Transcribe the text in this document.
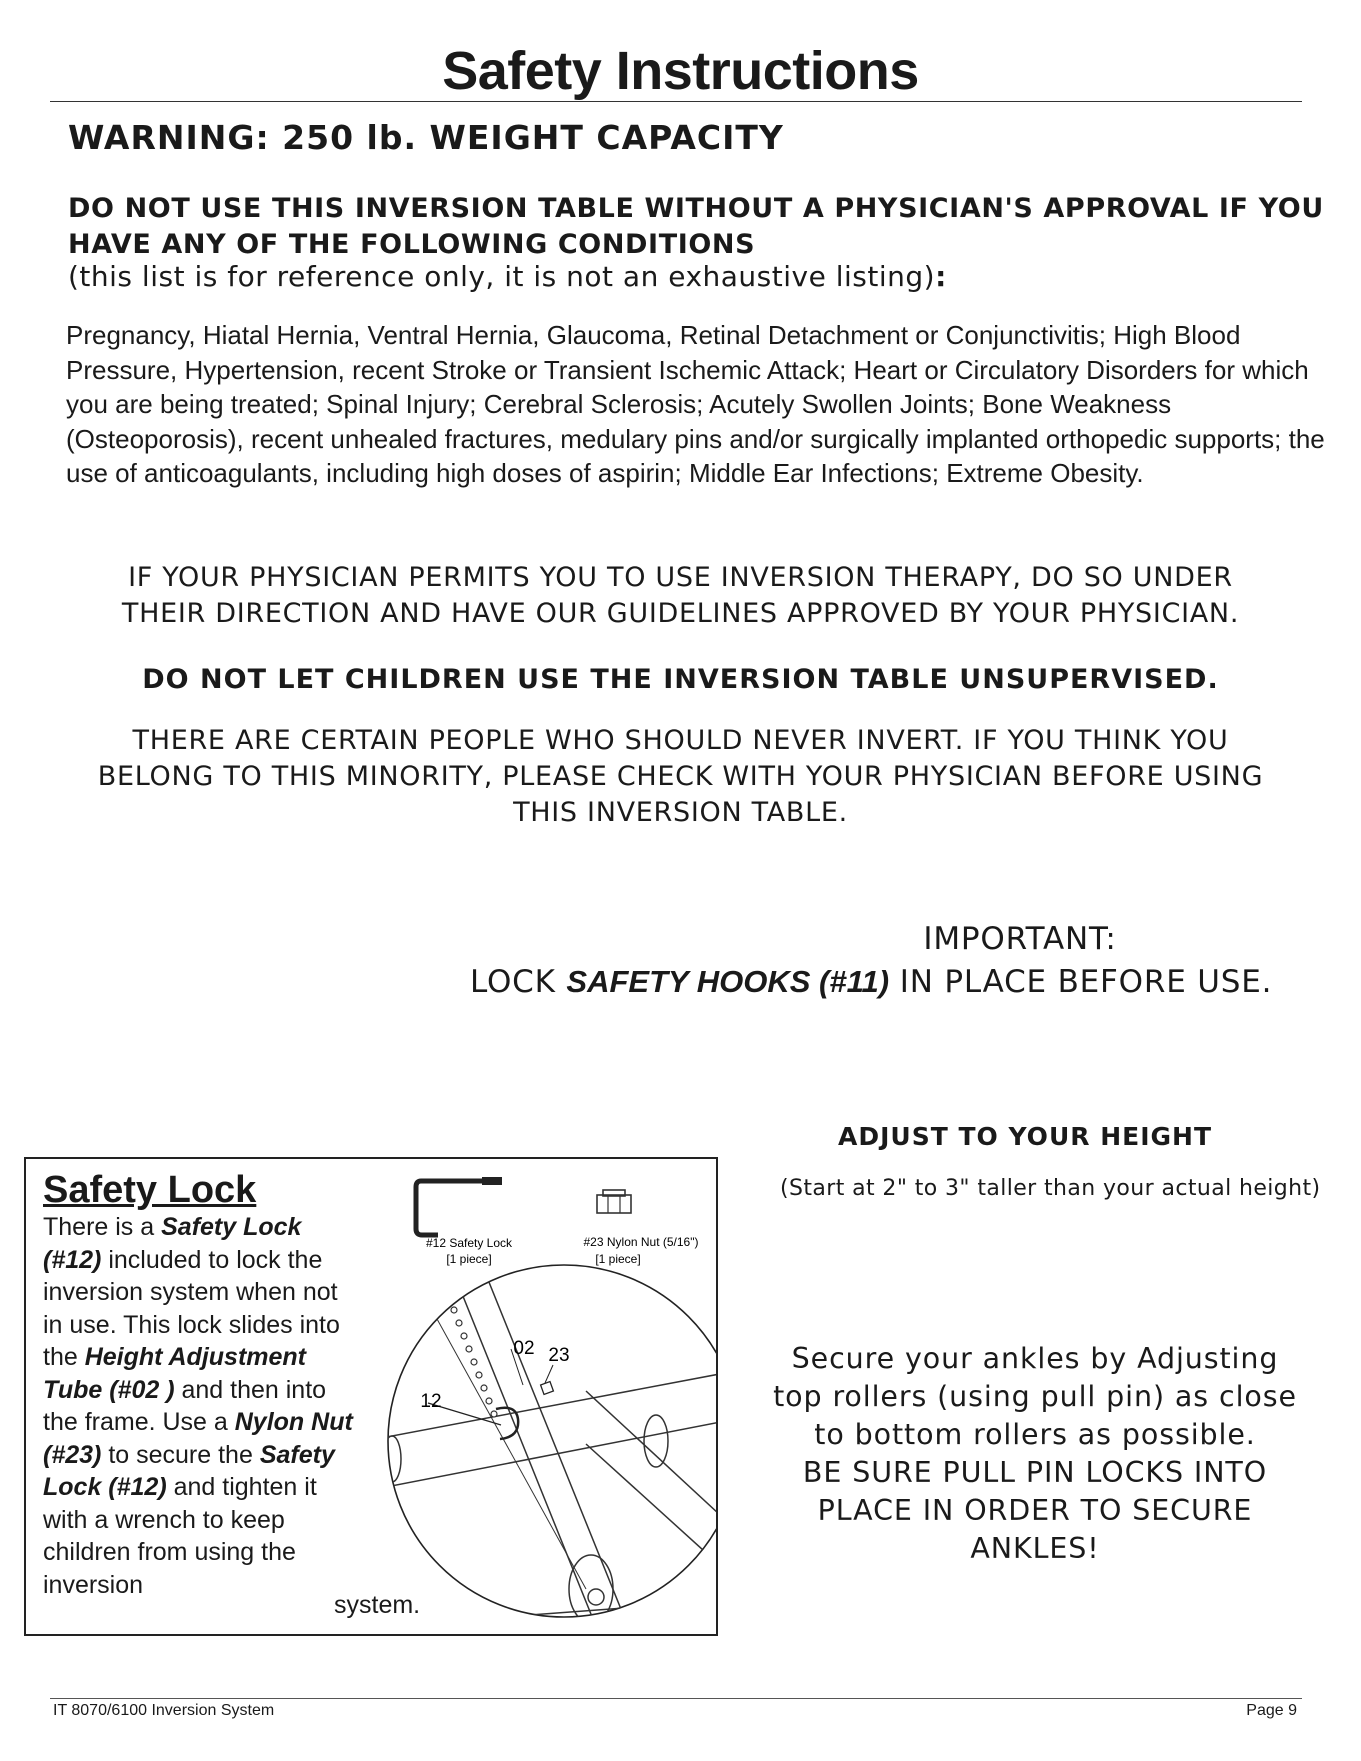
Safety Instructions
WARNING: 250 lb. WEIGHT CAPACITY
DO NOT USE THIS INVERSION TABLE WITHOUT A PHYSICIAN'S APPROVAL IF YOU HAVE ANY OF THE FOLLOWING CONDITIONS
(this list is for reference only, it is not an exhaustive listing):
Pregnancy, Hiatal Hernia, Ventral Hernia, Glaucoma, Retinal Detachment or Conjunctivitis; High Blood Pressure, Hypertension, recent Stroke or Transient Ischemic Attack; Heart or Circulatory Disorders for which you are being treated; Spinal Injury; Cerebral Sclerosis; Acutely Swollen Joints; Bone Weakness (Osteoporosis), recent unhealed fractures, medulary pins and/or surgically implanted orthopedic supports; the use of anticoagulants, including high doses of aspirin; Middle Ear Infections; Extreme Obesity.
IF YOUR PHYSICIAN PERMITS YOU TO USE INVERSION THERAPY, DO SO UNDER
THEIR DIRECTION AND HAVE OUR GUIDELINES APPROVED BY YOUR PHYSICIAN.
DO NOT LET CHILDREN USE THE INVERSION TABLE UNSUPERVISED.
THERE ARE CERTAIN PEOPLE WHO SHOULD NEVER INVERT. IF YOU THINK YOU
BELONG TO THIS MINORITY, PLEASE CHECK WITH YOUR PHYSICIAN BEFORE USING
THIS INVERSION TABLE.
IMPORTANT:
LOCK SAFETY HOOKS (#11) IN PLACE BEFORE USE.
#12 Safety Lock
[1 piece]
#23 Nylon Nut (5/16")
[1 piece]
02 23
12
Safety Lock
There is a Safety Lock (#12) included to lock the inversion system when not in use. This lock slides into the Height Adjustment Tube (#02 ) and then into the frame. Use a Nylon Nut (#23) to secure the Safety Lock (#12) and tighten it with a wrench to keep children from using the inversion
system.
ADJUST TO YOUR HEIGHT
(Start at 2" to 3" taller than your actual height)
Secure your ankles by Adjusting
top rollers (using pull pin) as close
to bottom rollers as possible.
BE SURE PULL PIN LOCKS INTO
PLACE IN ORDER TO SECURE
ANKLES!
IT 8070/6100 Inversion System	Page 9
